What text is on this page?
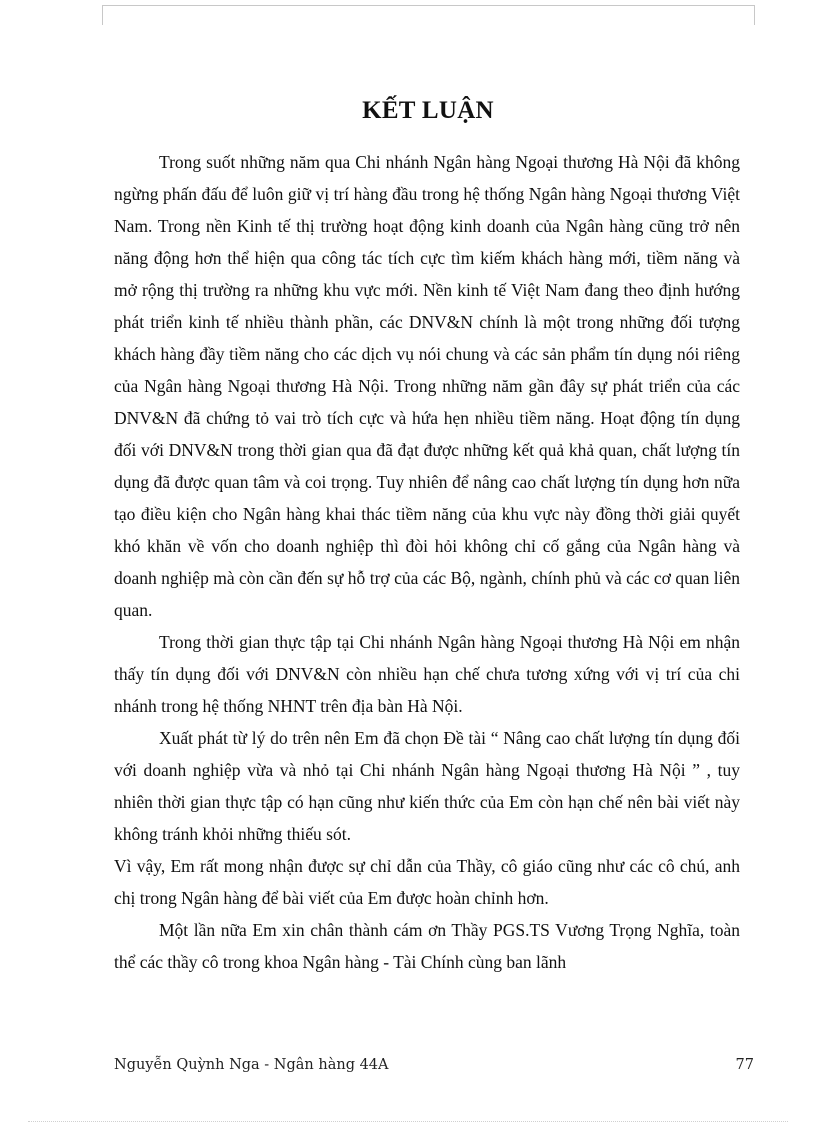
KẾT LUẬN

Trong suốt những năm qua Chi nhánh Ngân hàng Ngoại thương Hà Nội đã không ngừng phấn đấu để luôn giữ vị trí hàng đầu trong hệ thống Ngân hàng Ngoại thương Việt Nam. Trong nền Kinh tế thị trường hoạt động kinh doanh của Ngân hàng cũng trở nên năng động hơn thể hiện qua công tác tích cực tìm kiếm khách hàng mới, tiềm năng và mở rộng thị trường ra những khu vực mới. Nền kinh tế Việt Nam đang theo định hướng phát triển kinh tế nhiều thành phần, các DNV&N chính là một trong những đối tượng khách hàng đầy tiềm năng cho các dịch vụ nói chung và các sản phẩm tín dụng nói riêng của Ngân hàng Ngoại thương Hà Nội. Trong những năm gần đây sự phát triển của các DNV&N đã chứng tỏ vai trò tích cực và hứa hẹn nhiều tiềm năng. Hoạt động tín dụng đối với DNV&N trong thời gian qua đã đạt được những kết quả khả quan, chất lượng tín dụng đã được quan tâm và coi trọng. Tuy nhiên để nâng cao chất lượng tín dụng hơn nữa tạo điều kiện cho Ngân hàng khai thác tiềm năng của khu vực này đồng thời giải quyết khó khăn về vốn cho doanh nghiệp thì đòi hỏi không chỉ cố gắng của Ngân hàng và doanh nghiệp mà còn cần đến sự hỗ trợ của các Bộ, ngành, chính phủ và các cơ quan liên quan.

Trong thời gian thực tập tại Chi nhánh Ngân hàng Ngoại thương Hà Nội em nhận thấy tín dụng đối với DNV&N còn nhiều hạn chế chưa tương xứng với vị trí của chi nhánh trong hệ thống NHNT trên địa bàn Hà Nội.

Xuất phát từ lý do trên nên Em đã chọn Đề tài “ Nâng cao chất lượng tín dụng đối với doanh nghiệp vừa và nhỏ tại Chi nhánh Ngân hàng Ngoại thương Hà Nội ” , tuy nhiên thời gian thực tập có hạn cũng như kiến thức của Em còn hạn chế nên bài viết này không tránh khỏi những thiếu sót.

Vì vậy, Em rất mong nhận được sự chỉ dẫn của Thầy, cô giáo cũng như các cô chú, anh chị trong Ngân hàng để bài viết của Em được hoàn chỉnh hơn.

Một lần nữa Em xin chân thành cám ơn Thầy PGS.TS Vương Trọng Nghĩa, toàn thể các thầy cô trong khoa Ngân hàng - Tài Chính cùng ban lãnh

Nguyễn Quỳnh Nga - Ngân hàng 44A	77
